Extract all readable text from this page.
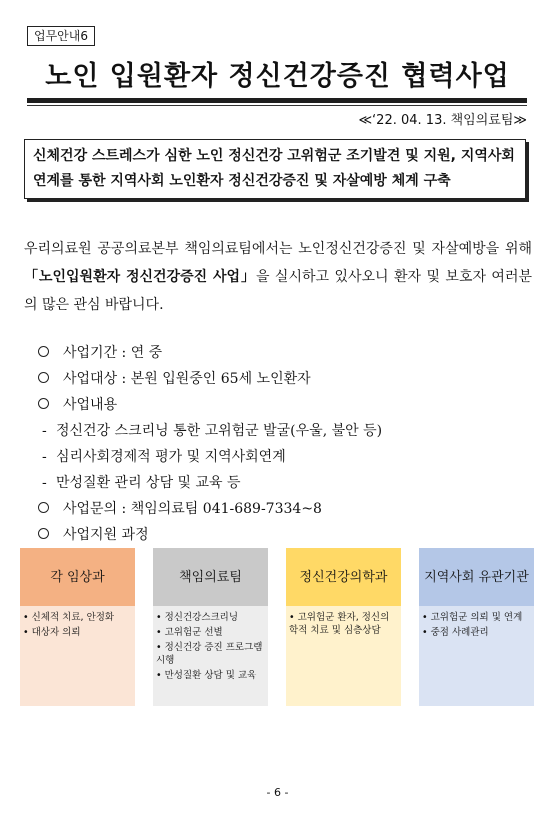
업무안내6
노인 입원환자 정신건강증진 협력사업
≪‘22. 04. 13. 책임의료팀≫
신체건강 스트레스가 심한 노인 정신건강 고위험군 조기발견 및 지원, 지역사회연계를 통한 지역사회 노인환자 정신건강증진 및 자살예방 체계 구축
우리의료원 공공의료본부 책임의료팀에서는 노인정신건강증진 및 자살예방을 위해 「노인입원환자 정신건강증진 사업」을 실시하고 있사오니 환자 및 보호자 여러분의 많은 관심 바랍니다.
사업기간 : 연 중
사업대상 : 본원 입원중인 65세 노인환자
사업내용
- 정신건강 스크리닝 통한 고위험군 발굴(우울, 불안 등)
- 심리사회경제적 평가 및 지역사회연계
- 만성질환 관리 상담 및 교육 등
사업문의 : 책임의료팀 041-689-7334~8
사업지원 과정
각 임상과
• 신체적 치료, 안정화
• 대상자 의뢰
책임의료팀
• 정신건강스크리닝
• 고위험군 선별
• 정신건강 증진 프로그램 시행
• 만성질환 상담 및 교육
정신건강의학과
• 고위험군 환자, 정신의학적 치료 및 심층상담
지역사회 유관기관
• 고위험군 의뢰 및 연계
• 중점 사례관리
- 6 -
